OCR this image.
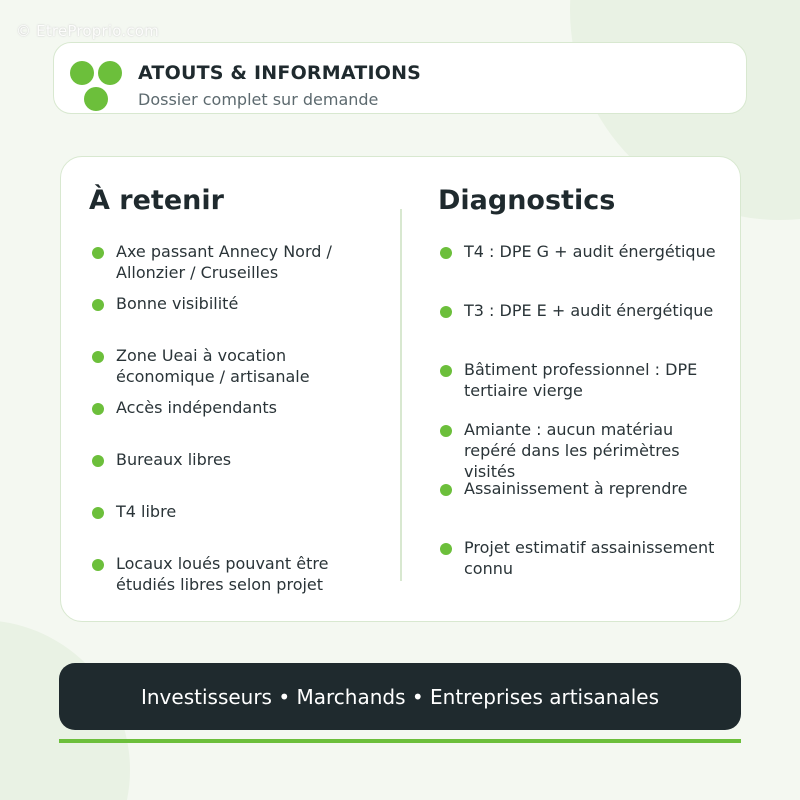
© EtreProprio.com
ATOUTS & INFORMATIONS
Dossier complet sur demande
À retenir
Axe passant Annecy Nord / Allonzier / Cruseilles
Bonne visibilité
Zone Ueai à vocation économique / artisanale
Accès indépendants
Bureaux libres
T4 libre
Locaux loués pouvant être étudiés libres selon projet
Diagnostics
T4 : DPE G + audit énergétique
T3 : DPE E + audit énergétique
Bâtiment professionnel : DPE tertiaire vierge
Amiante : aucun matériau repéré dans les périmètres visités
Assainissement à reprendre
Projet estimatif assainissement connu
Investisseurs • Marchands • Entreprises artisanales
